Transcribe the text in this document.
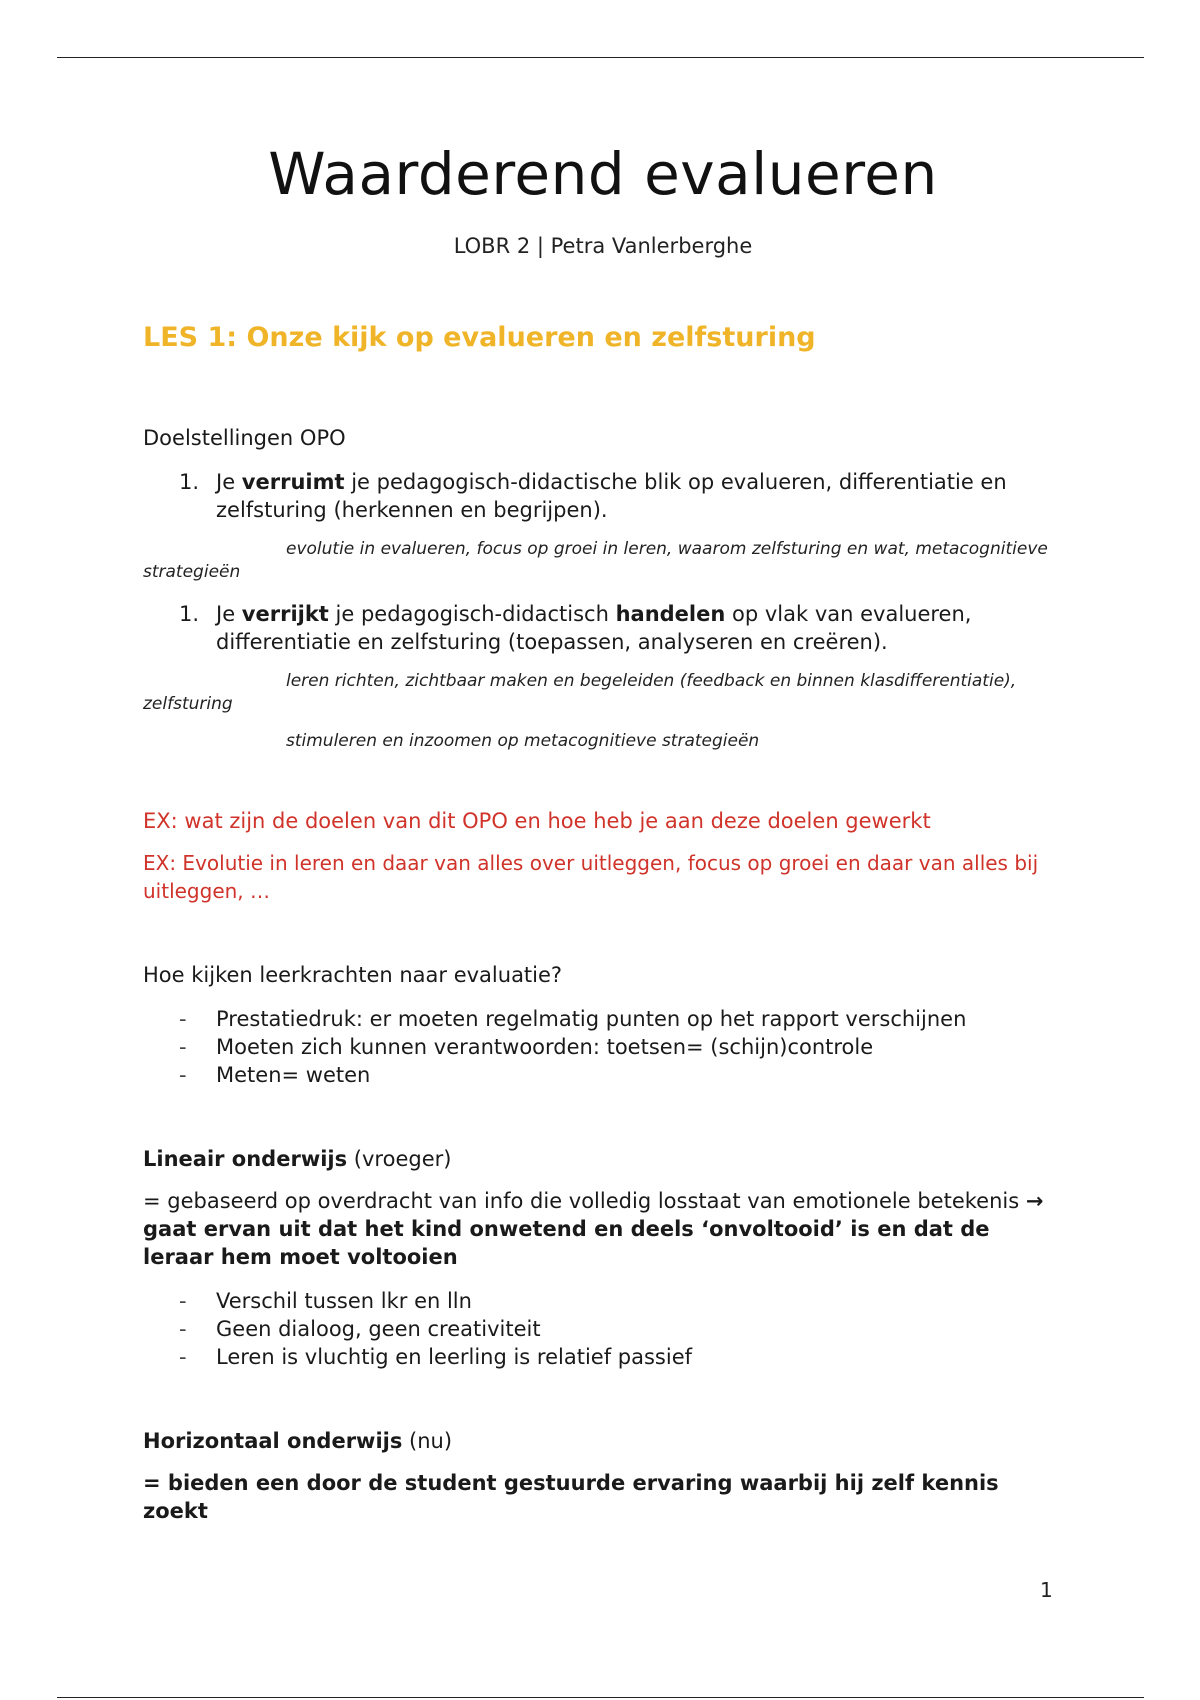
Waarderend evalueren

LOBR 2 | Petra Vanlerberghe

LES 1: Onze kijk op evalueren en zelfsturing

Doelstellingen OPO

1. Je verruimt je pedagogisch-didactische blik op evalueren, differentiatie en zelfsturing (herkennen en begrijpen).

evolutie in evalueren, focus op groei in leren, waarom zelfsturing en wat, metacognitieve strategieën

1. Je verrijkt je pedagogisch-didactisch handelen op vlak van evalueren, differentiatie en zelfsturing (toepassen, analyseren en creëren).

leren richten, zichtbaar maken en begeleiden (feedback en binnen klasdifferentiatie), zelfsturing

stimuleren en inzoomen op metacognitieve strategieën

EX: wat zijn de doelen van dit OPO en hoe heb je aan deze doelen gewerkt

EX: Evolutie in leren en daar van alles over uitleggen, focus op groei en daar van alles bij uitleggen, …

Hoe kijken leerkrachten naar evaluatie?

-	Prestatiedruk: er moeten regelmatig punten op het rapport verschijnen
-	Moeten zich kunnen verantwoorden: toetsen= (schijn)controle
-	Meten= weten

Lineair onderwijs (vroeger)

= gebaseerd op overdracht van info die volledig losstaat van emotionele betekenis → gaat ervan uit dat het kind onwetend en deels ‘onvoltooid’ is en dat de leraar hem moet voltooien

-	Verschil tussen lkr en lln
-	Geen dialoog, geen creativiteit
-	Leren is vluchtig en leerling is relatief passief

Horizontaal onderwijs (nu)

= bieden een door de student gestuurde ervaring waarbij hij zelf kennis zoekt

1
